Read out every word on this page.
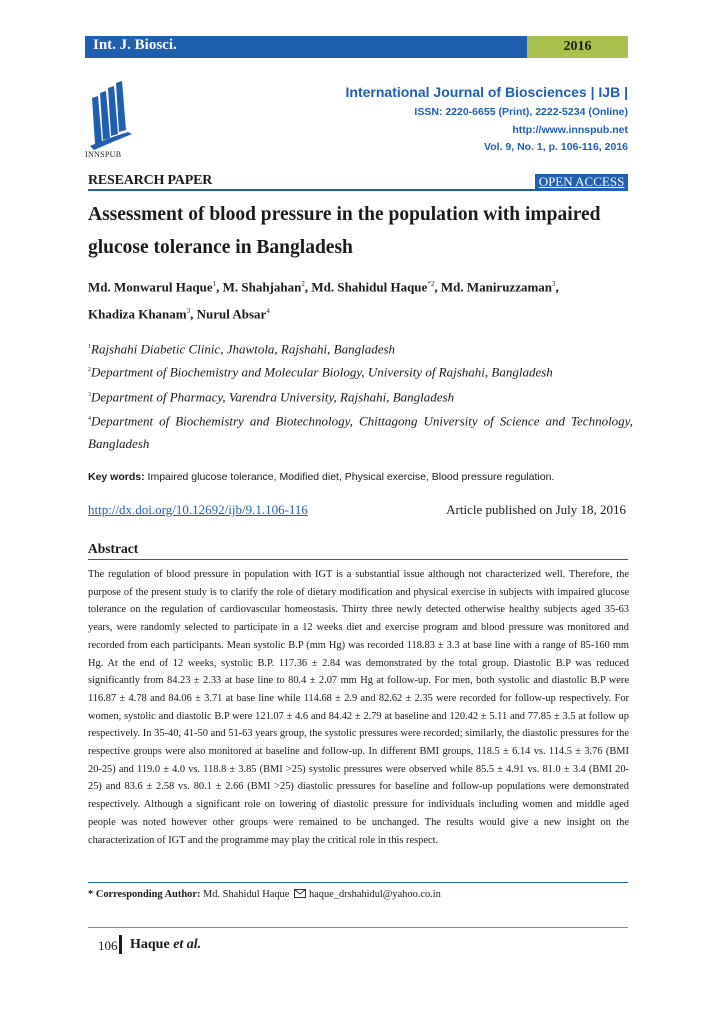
Int. J. Biosci.	2016
INNSPUB
International Journal of Biosciences | IJB |
ISSN: 2220-6655 (Print), 2222-5234 (Online)
http://www.innspub.net
Vol. 9, No. 1, p. 106-116, 2016
RESEARCH PAPER	OPEN ACCESS
Assessment of blood pressure in the population with impaired glucose tolerance in Bangladesh
Md. Monwarul Haque$^1$, M. Shahjahan$^2$, Md. Shahidul Haque$^{*2}$, Md. Maniruzzaman$^3$,
Khadiza Khanam$^3$, Nurul Absar$^4$
$^1$Rajshahi Diabetic Clinic, Jhawtola, Rajshahi, Bangladesh
$^2$Department of Biochemistry and Molecular Biology, University of Rajshahi, Bangladesh
$^3$Department of Pharmacy, Varendra University, Rajshahi, Bangladesh
$^4$Department of Biochemistry and Biotechnology, Chittagong University of Science and Technology, Bangladesh
Key words: Impaired glucose tolerance, Modified diet, Physical exercise, Blood pressure regulation.
http://dx.doi.org/10.12692/ijb/9.1.106-116	Article published on July 18, 2016
Abstract
The regulation of blood pressure in population with IGT is a substantial issue although not characterized well. Therefore, the purpose of the present study is to clarify the role of dietary modification and physical exercise in subjects with impaired glucose tolerance on the regulation of cardiovascular homeostasis. Thirty three newly detected otherwise healthy subjects aged 35-63 years, were randomly selected to participate in a 12 weeks diet and exercise program and blood pressure was monitored and recorded from each participants. Mean systolic B.P (mm Hg) was recorded 118.83 ± 3.3 at base line with a range of 85-160 mm Hg. At the end of 12 weeks, systolic B.P. 117.36 ± 2.84 was demonstrated by the total group. Diastolic B.P was reduced significantly from 84.23 ± 2.33 at base line to 80.4 ± 2.07 mm Hg at follow-up. For men, both systolic and diastolic B.P were 116.87 ± 4.78 and 84.06 ± 3.71 at base line while 114.68 ± 2.9 and 82.62 ± 2.35 were recorded for follow-up respectively. For women, systolic and diastolic B.P were 121.07 ± 4.6 and 84.42 ± 2.79 at baseline and 120.42 ± 5.11 and 77.85 ± 3.5 at follow up respectively. In 35-40, 41-50 and 51-63 years group, the systolic pressures were recorded; similarly, the diastolic pressures for the respective groups were also monitored at baseline and follow-up. In different BMI groups, 118.5 ± 6.14 vs. 114.5 ± 3.76 (BMI 20-25) and 119.0 ± 4.0 vs. 118.8 ± 3.85 (BMI >25) systolic pressures were observed while 85.5 ± 4.91 vs. 81.0 ± 3.4 (BMI 20-25) and 83.6 ± 2.58 vs. 80.1 ± 2.66 (BMI >25) diastolic pressures for baseline and follow-up populations were demonstrated respectively. Although a significant role on lowering of diastolic pressure for individuals including women and middle aged people was noted however other groups were remained to be unchanged. The results would give a new insight on the characterization of IGT and the programme may play the critical role in this respect.
* Corresponding Author: Md. Shahidul Haque haque_drshahidul@yahoo.co.in
106 Haque et al.
